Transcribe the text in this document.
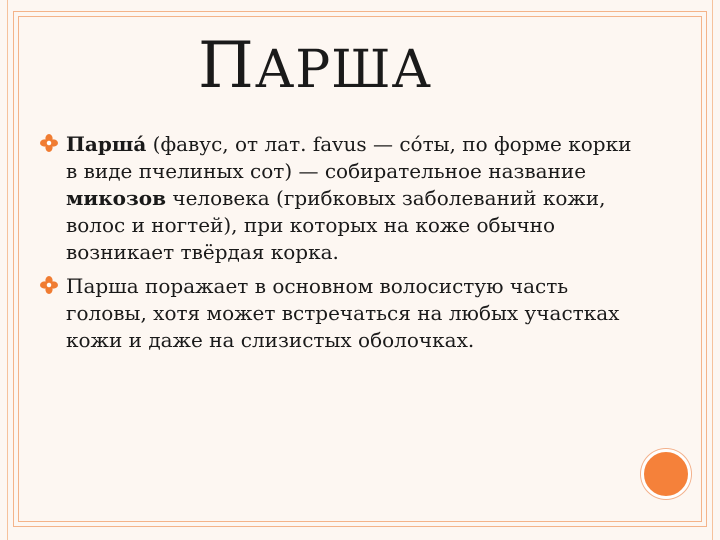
ПАРША
Парша́ (фавус, от лат. favus — со́ты, по форме корки в виде пчелиных сот) — собирательное название микозов человека (грибковых заболеваний кожи, волос и ногтей), при которых на коже обычно возникает твёрдая корка.
Парша поражает в основном волосистую часть головы, хотя может встречаться на любых участках кожи и даже на слизистых оболочках.
